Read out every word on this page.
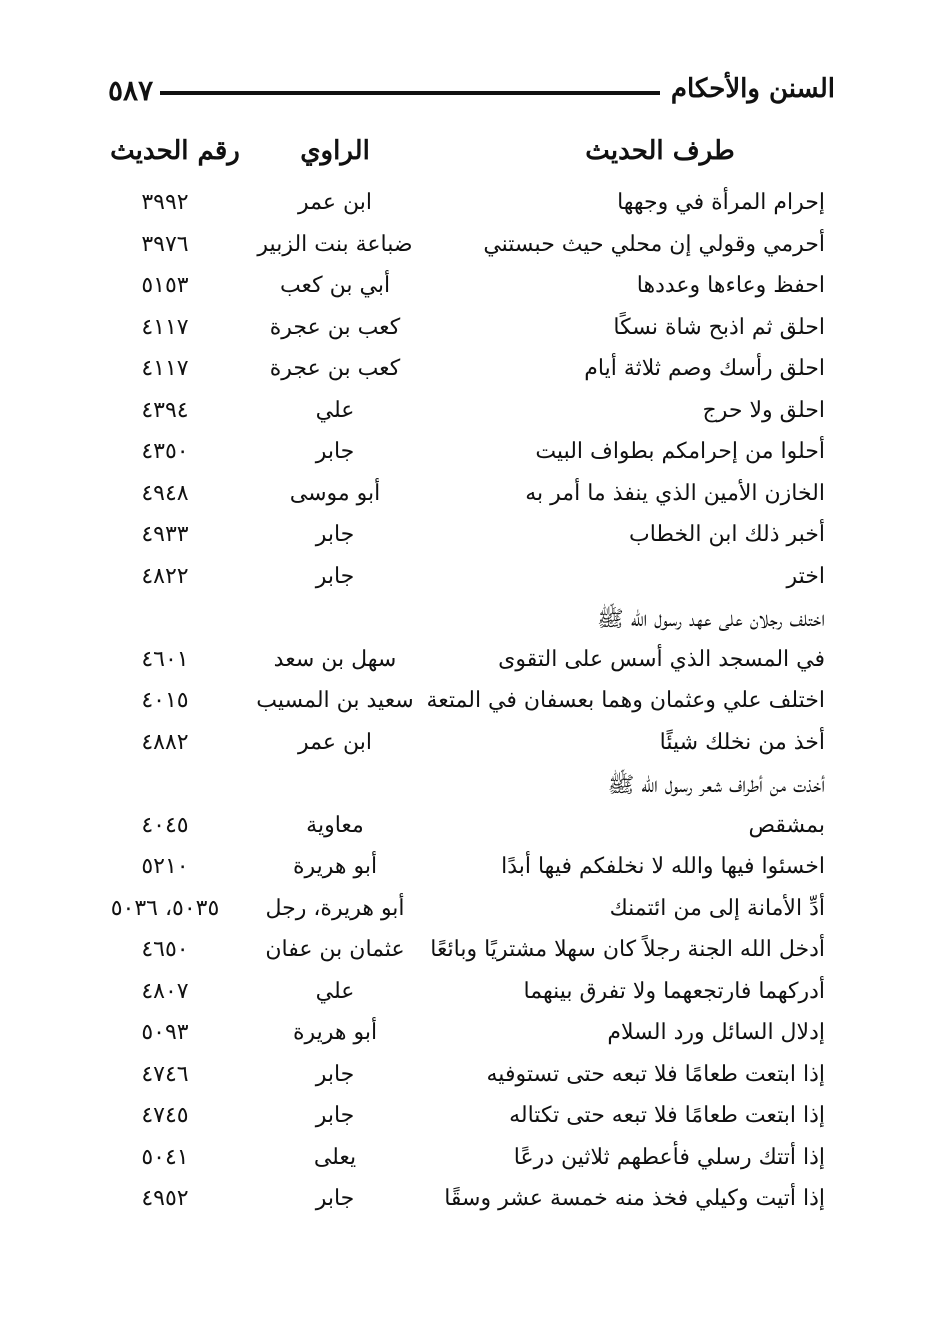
٥٨٧	السنن والأحكام
طرف الحديث
الراوي
رقم الحديث
إحرام المرأة في وجهها
ابن عمر
٣٩٩٢
أحرمي وقولي إن محلي حيث حبستني
ضباعة بنت الزبير
٣٩٧٦
احفظ وعاءها وعددها
أبي بن كعب
٥١٥٣
احلق ثم اذبح شاة نسكًا
كعب بن عجرة
٤١١٧
احلق رأسك وصم ثلاثة أيام
كعب بن عجرة
٤١١٧
احلق ولا حرج
علي
٤٣٩٤
أحلوا من إحرامكم بطواف البيت
جابر
٤٣٥٠
الخازن الأمين الذي ينفذ ما أمر به
أبو موسى
٤٩٤٨
أخبر ذلك ابن الخطاب
جابر
٤٩٣٣
اختر
جابر
٤٨٢٢
اختلف رجلان على عهد رسول الله ﷺ
في المسجد الذي أسس على التقوى
سهل بن سعد
٤٦٠١
اختلف علي وعثمان وهما بعسفان في المتعة
سعيد بن المسيب
٤٠١٥
أخذ من نخلك شيئًا
ابن عمر
٤٨٨٢
أخذت من أطراف شعر رسول الله ﷺ
بمشقص
معاوية
٤٠٤٥
اخسئوا فيها والله لا نخلفكم فيها أبدًا
أبو هريرة
٥٢١٠
أدِّ الأمانة إلى من ائتمنك
أبو هريرة، رجل
٥٠٣٥، ٥٠٣٦
أدخل الله الجنة رجلاً كان سهلا مشتريًا وبائعًا
عثمان بن عفان
٤٦٥٠
أدركهما فارتجعهما ولا تفرق بينهما
علي
٤٨٠٧
إدلال السائل ورد السلام
أبو هريرة
٥٠٩٣
إذا ابتعت طعامًا فلا تبعه حتى تستوفيه
جابر
٤٧٤٦
إذا ابتعت طعامًا فلا تبعه حتى تكتاله
جابر
٤٧٤٥
إذا أتتك رسلي فأعطهم ثلاثين درعًا
يعلى
٥٠٤١
إذا أتيت وكيلي فخذ منه خمسة عشر وسقًا
جابر
٤٩٥٢
